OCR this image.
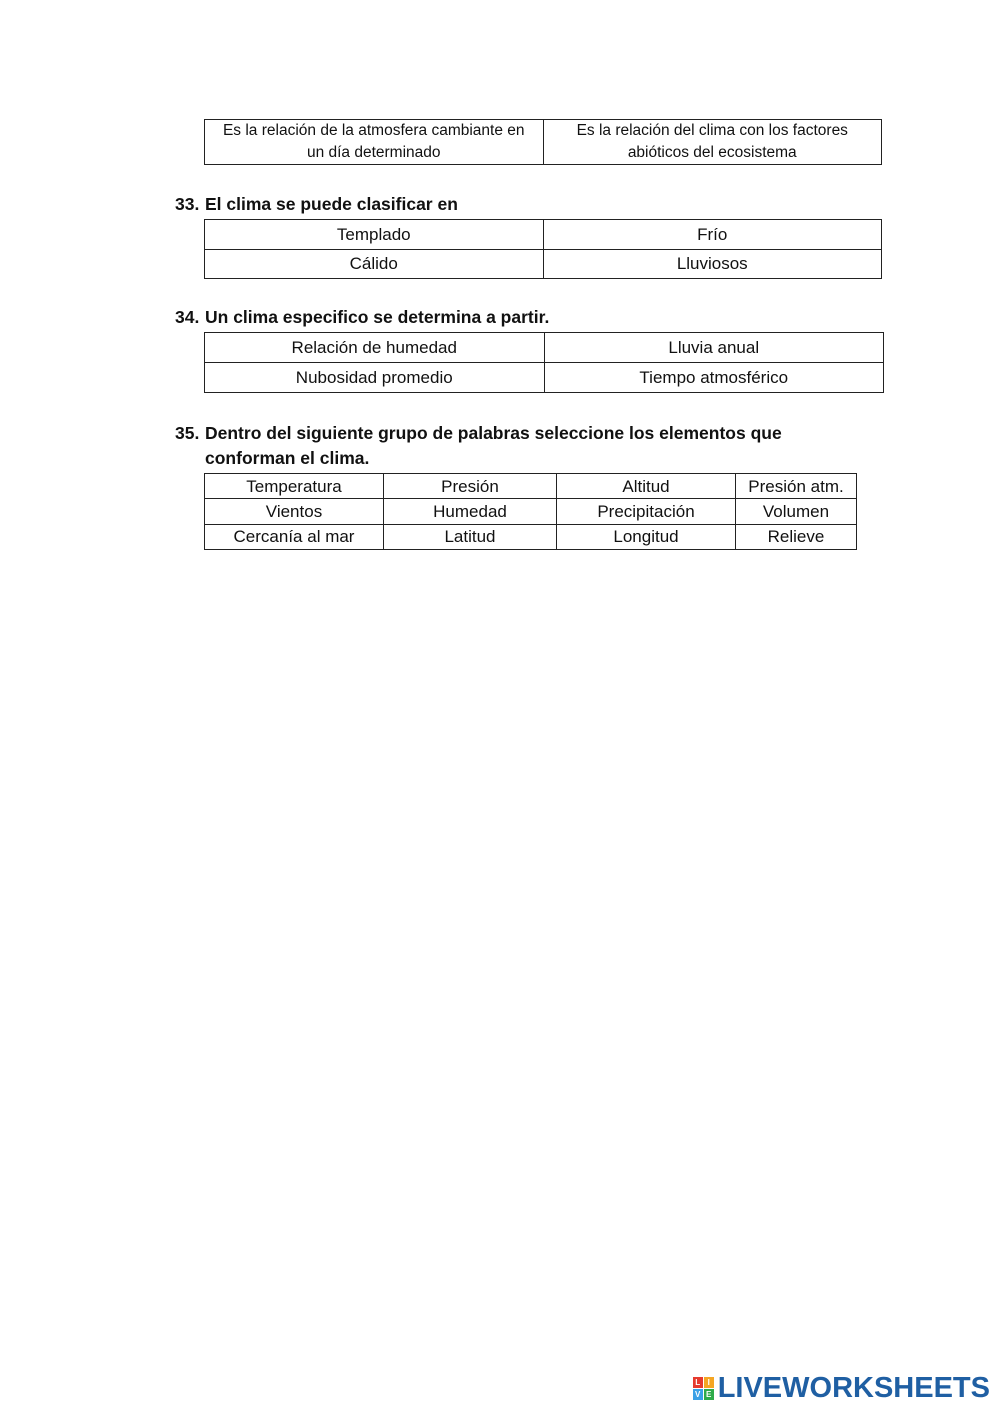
Es la relación de la atmosfera cambiante en un día determinado	Es la relación del clima con los factores abióticos del ecosistema

33. El clima se puede clasificar en

Templado	Frío
Cálido	Lluviosos

34. Un clima especifico se determina a partir.

Relación de humedad	Lluvia anual
Nubosidad promedio	Tiempo atmosférico

35. Dentro del siguiente grupo de palabras seleccione los elementos que
conforman el clima.

Temperatura	Presión	Altitud	Presión atm.
Vientos	Humedad	Precipitación	Volumen
Cercanía al mar	Latitud	Longitud	Relieve
L I
V E LIVEWORKSHEETS
